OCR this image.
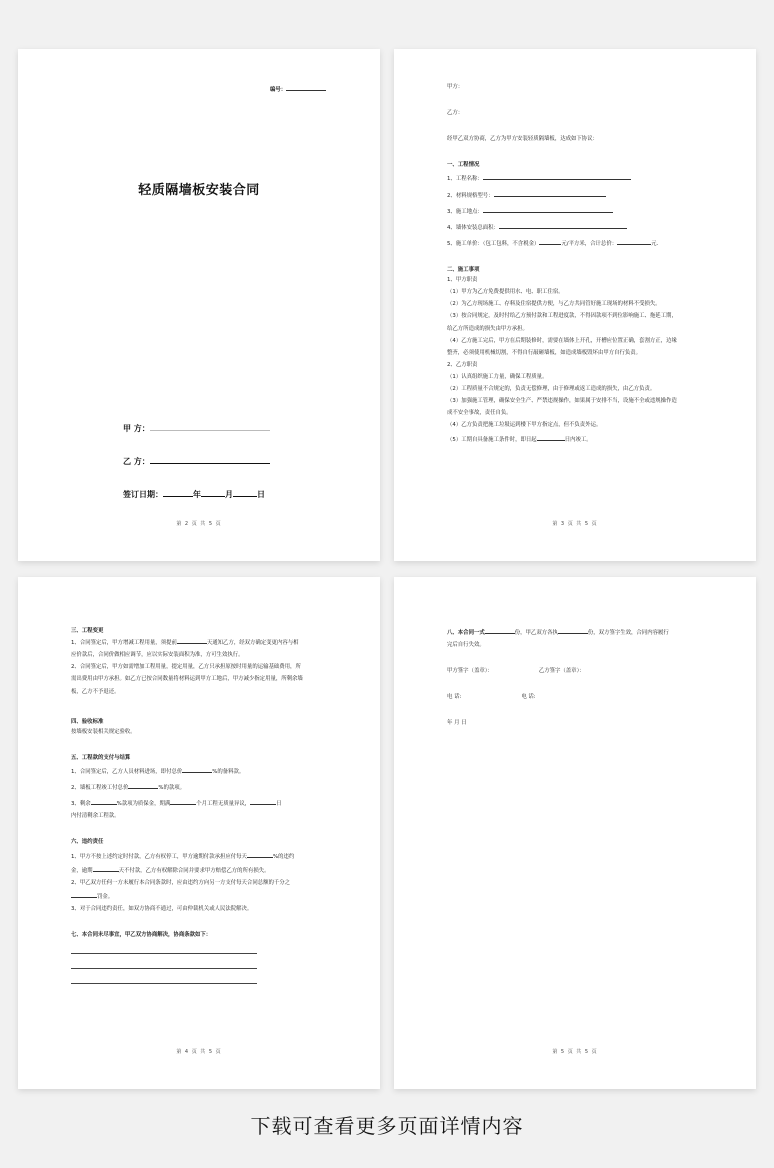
编号：
轻质隔墙板安装合同
甲 方：
乙 方：
签订日期：	年	月	日
第 2 页 共 5 页

甲方：

乙方：

经甲乙双方协商，乙方为甲方安装轻质隔墙板，达成如下协议：

一、工程情况

1、工程名称：

2、材料规格型号：

3、施工地点：

4、墙体安装总面积：

5、施工单价：（包工包料，不含税金）	元/平方米，合计总价：	元．

二、施工事项

1、甲方职责

（1）甲方为乙方免费提供用水、电、职工住宿。

（2）为乙方现场施工、存料及住宿提供方便，与乙方共同管好施工现场的材料不受损失。

（3）按合同规定，及时付给乙方预付款和工程进度款，不得因款项不到位影响施工、拖延工期，

给乙方所造成的损失由甲方承担。

（4）乙方施工完后，甲方在后期装修时，需要在墙体上开孔，开槽应位置正确，套割方正，边缘

整齐，必须使用机械切割，不得自行敲砸墙板，如造成墙板毁坏由甲方自行负责。

2、乙方职责

（1）认真组织施工力量，确保工程质量。

（2）工程质量不合规定的，负责无偿修理，由于修理或返工造成的损失，由乙方负责。

（3）加强施工管理，确保安全生产、严禁违规操作，如果属于安排不当，设施不全或违规操作造

成不安全事故，责任自负。

（4）乙方负责把施工垃圾运到楼下甲方指定点，但不负责外运。

（5）工期自具备施工条件时，即日起	日内竣工。

第 3 页 共 5 页

三、工程变更

1、合同签定后，甲方增减工程用量，须提前	天通知乙方，经双方确定变更内容与相

应价款后，合同价做相应调节，应以实际安装面积为准，方可生效执行。

2、合同签定后，甲方如需增加工程用量，提定用量，乙方只承担原按时用量的运输基础费用，所

需出费用由甲方承担。如乙方已按合同数量将材料运到甲方工地后，甲方减少指定用量，所剩余墙

板，乙方不予退还。

四、验收标准

按墙板安装相关规定验收。

五、工程款的支付与结算

1、合同签定后，乙方人员材料进场，即付总价	%的备料款。

2、墙板工程竣工付总价	%的款项。

3、剩余	%款项为质保金，期满	个月工程无质量异议，	日

内付清剩余工程款。

六、违约责任

1、甲方不按上述约定时付款，乙方有权停工，甲方逾期付款承担应付每天	%的违约

金，逾期	天不付款，乙方有权解除合同并要求甲方赔偿乙方的所有损失。

2、甲乙双方任何一方未履行本合同条款时，应由违约方向另一方支付每天合同总额的千分之

罚金。

3、对于合同违约责任，如双方协商不通过，可由仲裁机关或人民法院解决。

七、本合同未尽事宜，甲乙双方协商解决，协商条款如下：

第 4 页 共 5 页

八、本合同一式	份，甲乙双方各执	份，双方签字生效，合同内容履行

完后自行失效。

甲方签字（盖章）：	乙方签字（盖章）：

电 话:	电 话:

年 月 日

第 5 页 共 5 页
下载可查看更多页面详情内容
